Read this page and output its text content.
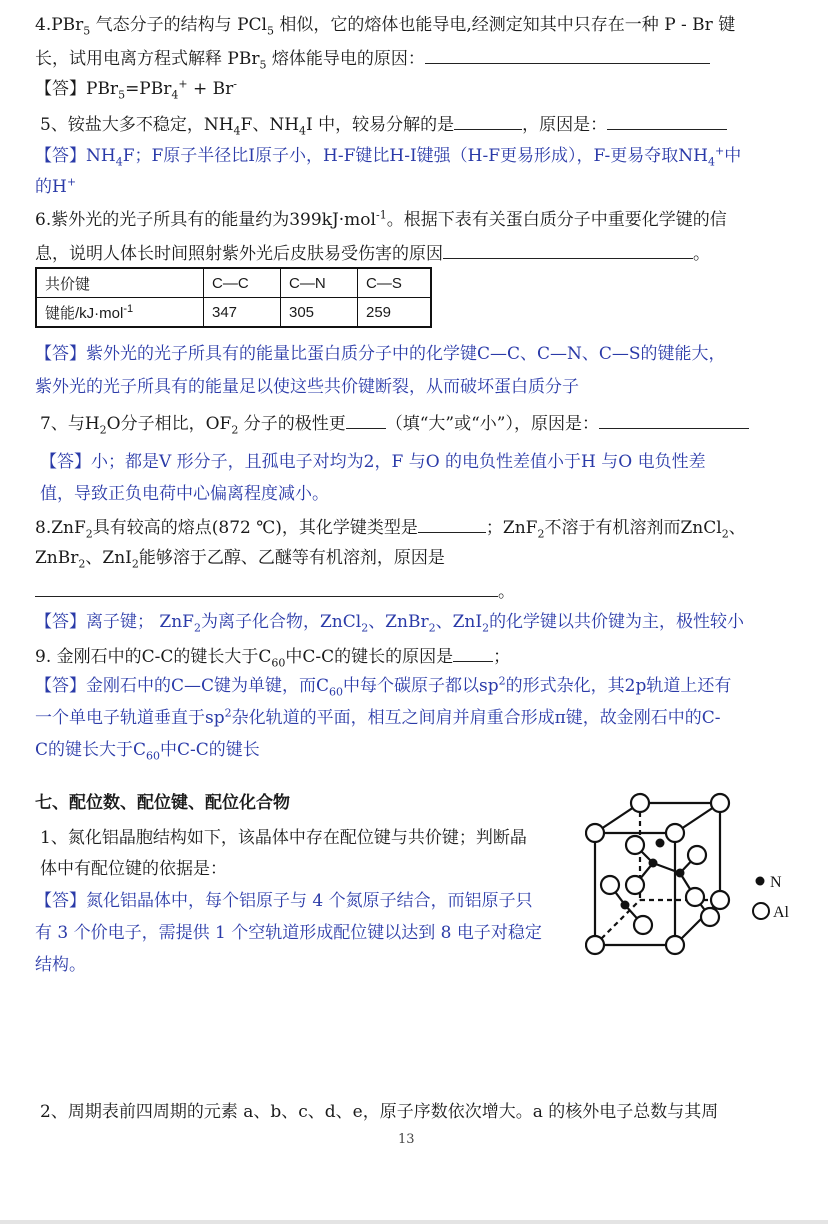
4.PBr$_5$ 气态分子的结构与 PCl$_5$ 相似，它的熔体也能导电,经测定知其中只存在一种 P - Br 键
长，试用电离方程式解释 PBr$_5$ 熔体能导电的原因：
【答】PBr$_5$=PBr$_4$+ + Br-
5、铵盐大多不稳定，$NH_4F$、$NH_4I$ 中，较易分解的是	，原因是：
【答】$NH_4F$；F原子半径比I原子小，H-F键比H-I键强（H-F更易形成），F-更易夺取$NH_4^+$中
的H+
6.紫外光的光子所具有的能量约为399kJ·mol$^{-1}$。根据下表有关蛋白质分子中重要化学键的信
息，说明人体长时间照射紫外光后皮肤易受伤害的原因	。
共价键	C—C	C—N	C—S
键能/kJ·mol$^{-1}$	347	305	259
【答】紫外光的光子所具有的能量比蛋白质分子中的化学键C—C、C—N、C—S的键能大，
紫外光的光子所具有的能量足以使这些共价键断裂，从而破坏蛋白质分子
7、与$H_2O$分子相比，$OF_2$ 分子的极性更 （填“大”或“小”），原因是：
【答】小；都是V 形分子，且孤电子对均为2，F 与O 的电负性差值小于H 与O 电负性差
值，导致正负电荷中心偏离程度减小。
8.ZnF$_2$具有较高的熔点(872 ℃)，其化学键类型是	；ZnF$_2$不溶于有机溶剂而ZnCl$_2$、
ZnBr$_2$、ZnI$_2$能够溶于乙醇、乙醚等有机溶剂，原因是
。
【答】离子键； ZnF$_2$为离子化合物，ZnCl$_2$、ZnBr$_2$、ZnI$_2$的化学键以共价键为主，极性较小
9. 金刚石中的C-C的键长大于$C_{60}$中C-C的键长的原因是 ；
【答】金刚石中的C—C键为单键，而$C_{60}$中每个碳原子都以$sp^2$的形式杂化，其2p轨道上还有
一个单电子轨道垂直于$sp^2$杂化轨道的平面，相互之间肩并肩重合形成π键，故金刚石中的C-
C的键长大于$C_{60}$中C-C的键长
七、配位数、配位键、配位化合物
1、氮化铝晶胞结构如下，该晶体中存在配位键与共价键；判断晶
体中有配位键的依据是：
【答】氮化铝晶体中，每个铝原子与 4 个氮原子结合，而铝原子只
有 3 个价电子，需提供 1 个空轨道形成配位键以达到 8 电子对稳定
结构。
N
Al
2、周期表前四周期的元素 a、b、c、d、e，原子序数依次增大。a 的核外电子总数与其周
13
